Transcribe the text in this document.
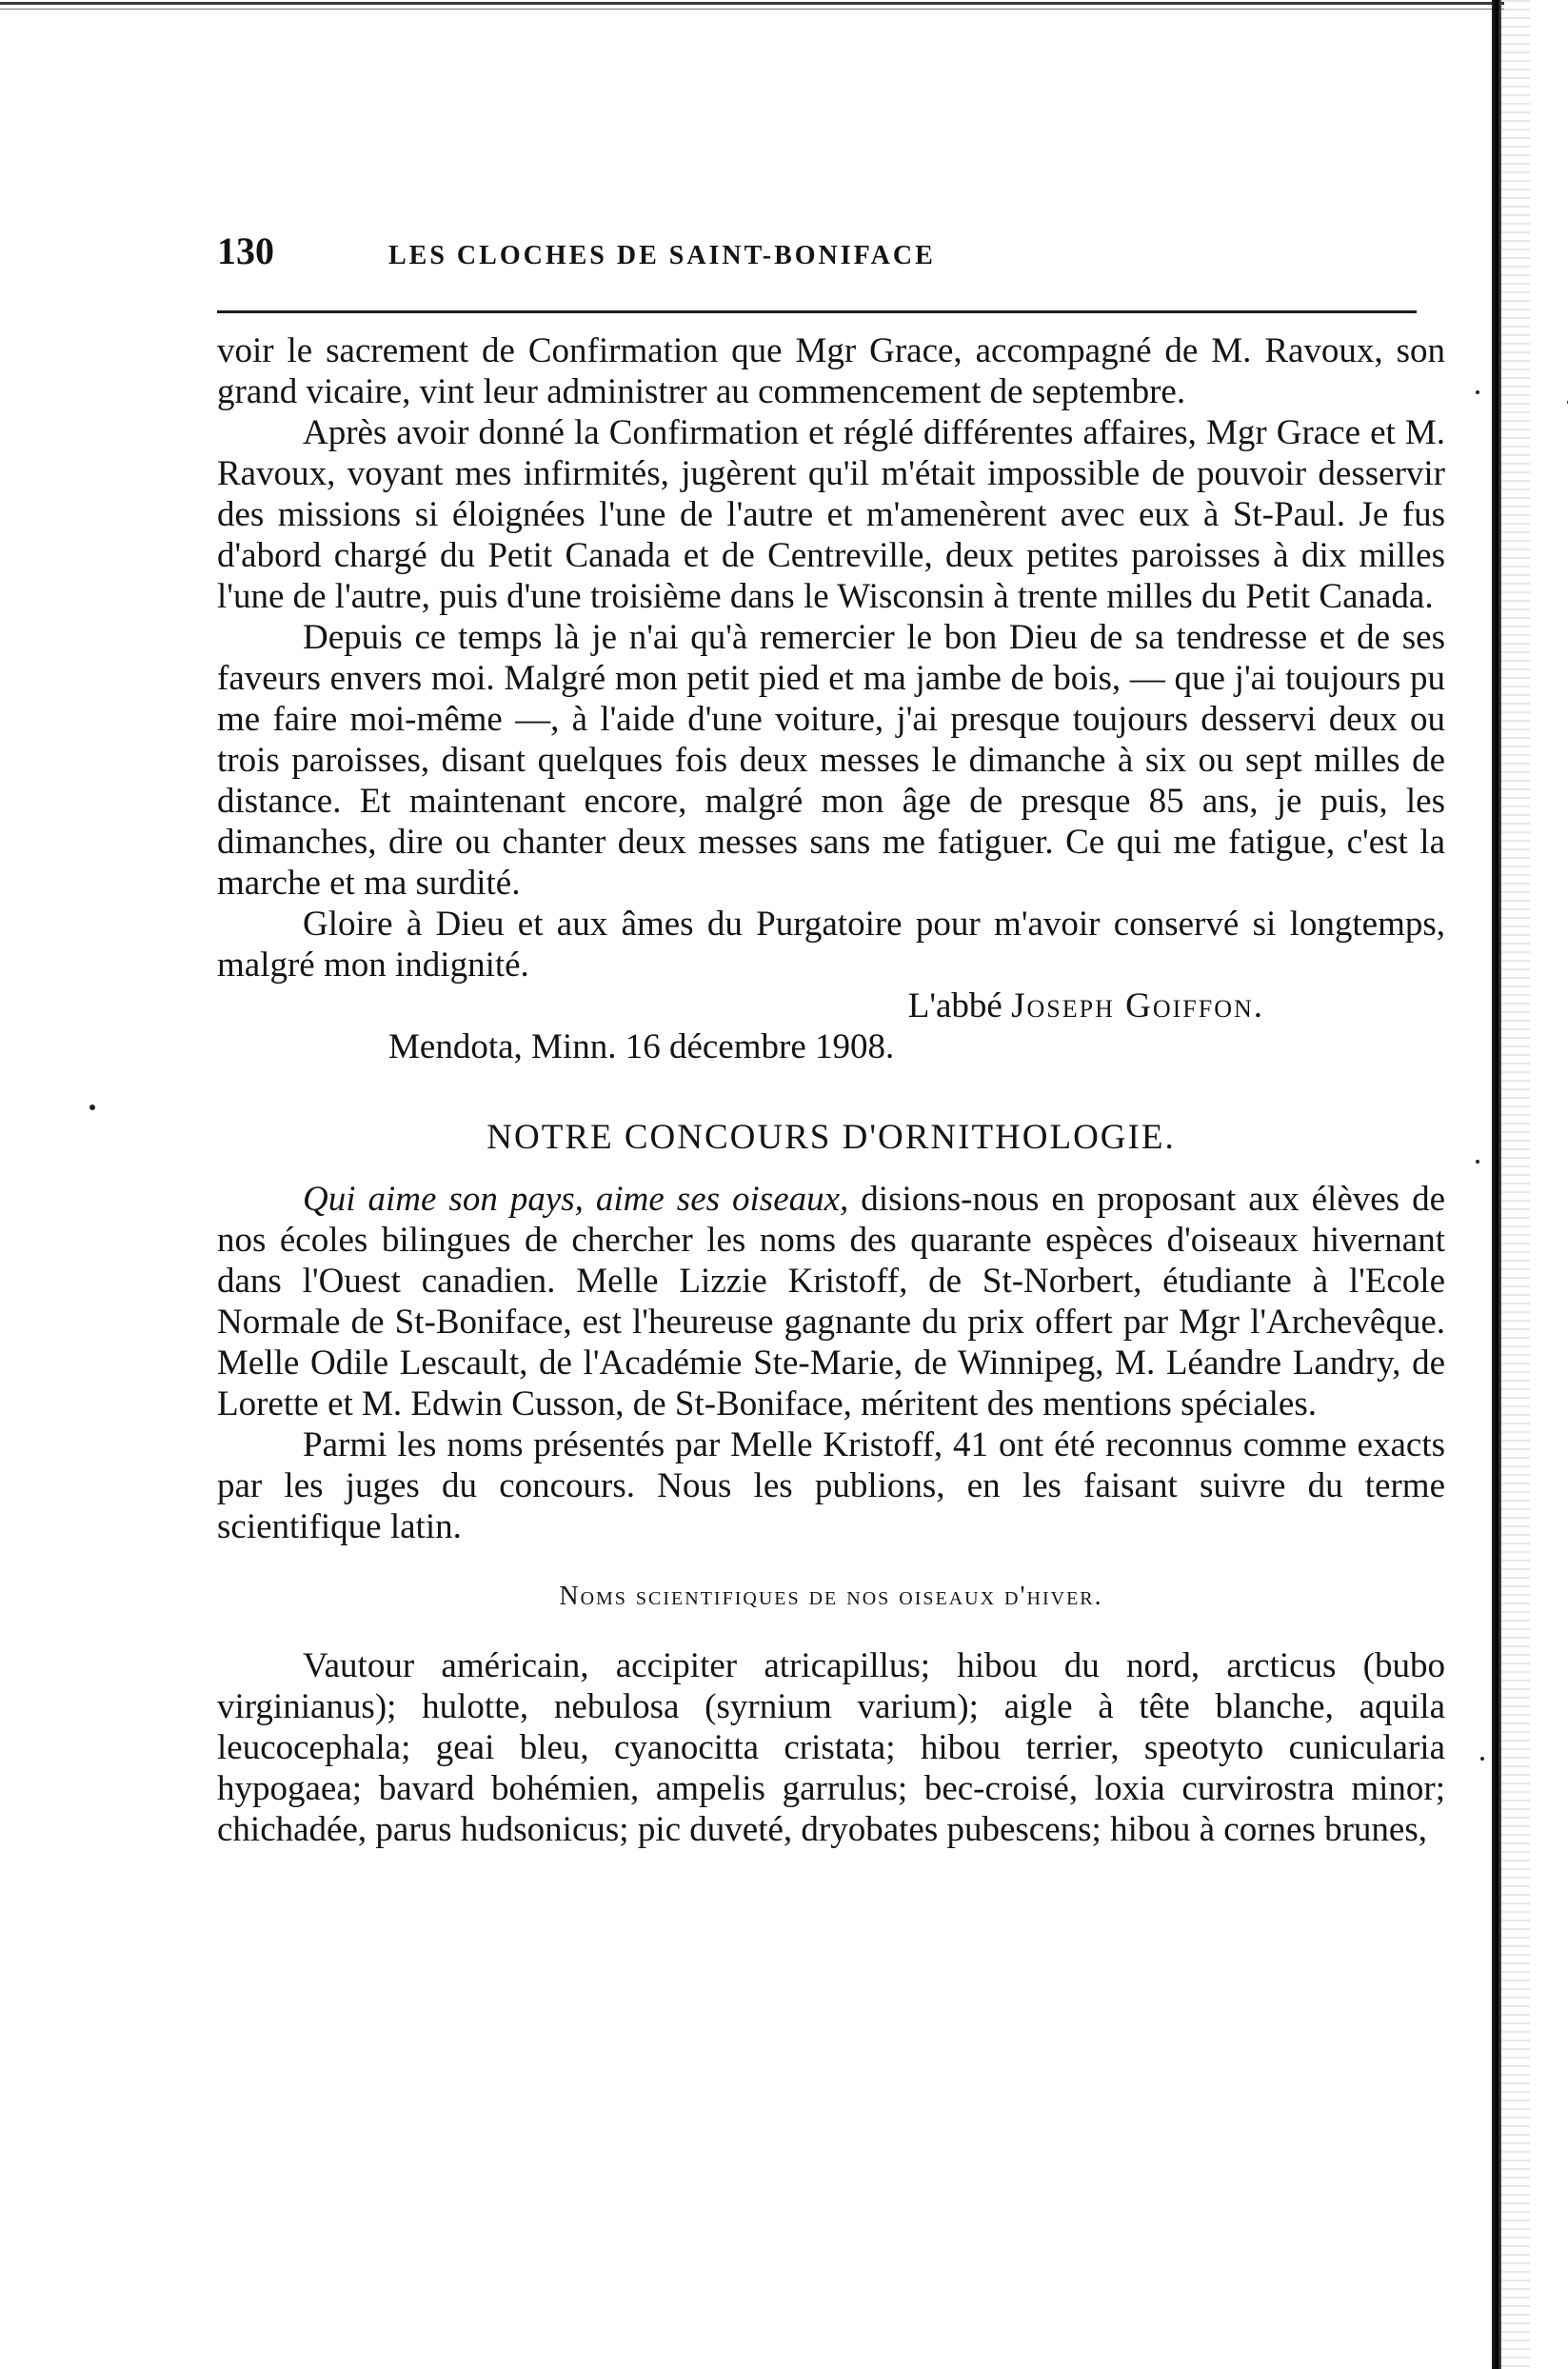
130	LES CLOCHES DE SAINT-BONIFACE

voir le sacrement de Confirmation que Mgr Grace, accompagné de M. Ravoux, son grand vicaire, vint leur administrer au commencement de septembre.

Après avoir donné la Confirmation et réglé différentes affaires, Mgr Grace et M. Ravoux, voyant mes infirmités, jugèrent qu'il m'était impossible de pouvoir desservir des missions si éloignées l'une de l'autre et m'amenèrent avec eux à St-Paul. Je fus d'abord chargé du Petit Canada et de Centreville, deux petites paroisses à dix milles l'une de l'autre, puis d'une troisième dans le Wisconsin à trente milles du Petit Canada.

Depuis ce temps là je n'ai qu'à remercier le bon Dieu de sa tendresse et de ses faveurs envers moi. Malgré mon petit pied et ma jambe de bois, — que j'ai toujours pu me faire moi-même —, à l'aide d'une voiture, j'ai presque toujours desservi deux ou trois paroisses, disant quelques fois deux messes le dimanche à six ou sept milles de distance. Et maintenant encore, malgré mon âge de presque 85 ans, je puis, les dimanches, dire ou chanter deux messes sans me fatiguer. Ce qui me fatigue, c'est la marche et ma surdité.

Gloire à Dieu et aux âmes du Purgatoire pour m'avoir conservé si longtemps, malgré mon indignité.

L'abbé Joseph Goiffon.

Mendota, Minn. 16 décembre 1908.

NOTRE CONCOURS D'ORNITHOLOGIE.

Qui aime son pays, aime ses oiseaux, disions-nous en proposant aux élèves de nos écoles bilingues de chercher les noms des quarante espèces d'oiseaux hivernant dans l'Ouest canadien. Melle Lizzie Kristoff, de St-Norbert, étudiante à l'Ecole Normale de St-Boniface, est l'heureuse gagnante du prix offert par Mgr l'Archevêque. Melle Odile Lescault, de l'Académie Ste-Marie, de Winnipeg, M. Léandre Landry, de Lorette et M. Edwin Cusson, de St-Boniface, méritent des mentions spéciales.

Parmi les noms présentés par Melle Kristoff, 41 ont été reconnus comme exacts par les juges du concours. Nous les publions, en les faisant suivre du terme scientifique latin.

Noms scientifiques de nos oiseaux d'hiver.

Vautour américain, accipiter atricapillus; hibou du nord, arcticus (bubo virginianus); hulotte, nebulosa (syrnium varium); aigle à tête blanche, aquila leucocephala; geai bleu, cyanocitta cristata; hibou terrier, speotyto cunicularia hypogaea; bavard bohémien, ampelis garrulus; bec-croisé, loxia curvirostra minor; chichadée, parus hudsonicus; pic duveté, dryobates pubescens; hibou à cornes brunes,
